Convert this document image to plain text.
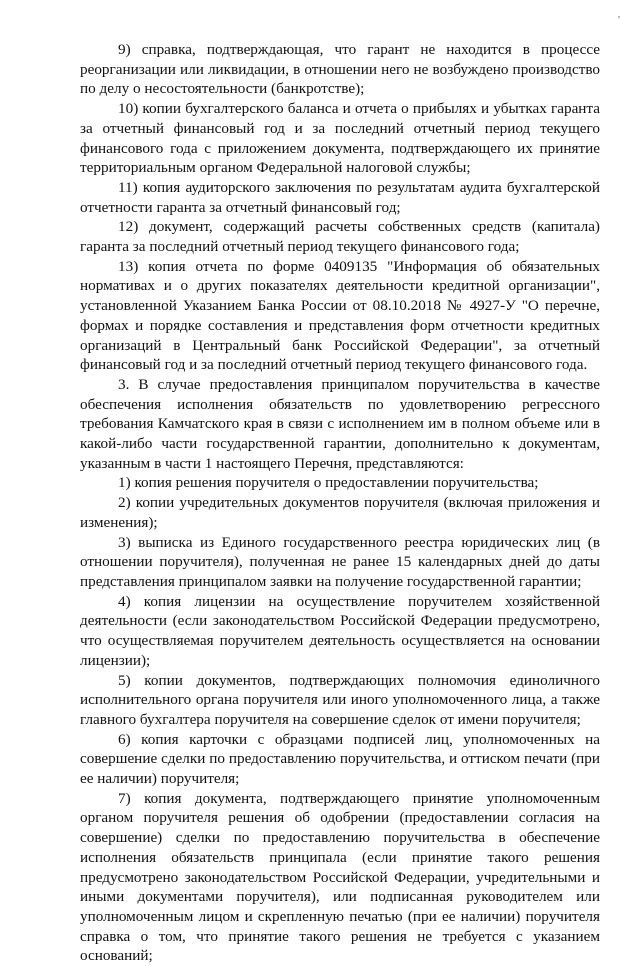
'

9) справка, подтверждающая, что гарант не находится в процессе реорганизации или ликвидации, в отношении него не возбуждено производство по делу о несостоятельности (банкротстве);

10) копии бухгалтерского баланса и отчета о прибылях и убытках гаранта за отчетный финансовый год и за последний отчетный период текущего финансового года с приложением документа, подтверждающего их принятие территориальным органом Федеральной налоговой службы;

11) копия аудиторского заключения по результатам аудита бухгалтерской отчетности гаранта за отчетный финансовый год;

12) документ, содержащий расчеты собственных средств (капитала) гаранта за последний отчетный период текущего финансового года;

13) копия отчета по форме 0409135 "Информация об обязательных нормативах и о других показателях деятельности кредитной организации", установленной Указанием Банка России от 08.10.2018 № 4927-У "О перечне, формах и порядке составления и представления форм отчетности кредитных организаций в Центральный банк Российской Федерации", за отчетный финансовый год и за последний отчетный период текущего финансового года.

3. В случае предоставления принципалом поручительства в качестве обеспечения исполнения обязательств по удовлетворению регрессного требования Камчатского края в связи с исполнением им в полном объеме или в какой-либо части государственной гарантии, дополнительно к документам, указанным в части 1 настоящего Перечня, представляются:

1) копия решения поручителя о предоставлении поручительства;

2) копии учредительных документов поручителя (включая приложения и изменения);

3) выписка из Единого государственного реестра юридических лиц (в отношении поручителя), полученная не ранее 15 календарных дней до даты представления принципалом заявки на получение государственной гарантии;

4) копия лицензии на осуществление поручителем хозяйственной деятельности (если законодательством Российской Федерации предусмотрено, что осуществляемая поручителем деятельность осуществляется на основании лицензии);

5) копии документов, подтверждающих полномочия единоличного исполнительного органа поручителя или иного уполномоченного лица, а также главного бухгалтера поручителя на совершение сделок от имени поручителя;

6) копия карточки с образцами подписей лиц, уполномоченных на совершение сделки по предоставлению поручительства, и оттиском печати (при ее наличии) поручителя;

7) копия документа, подтверждающего принятие уполномоченным органом поручителя решения об одобрении (предоставлении согласия на совершение) сделки по предоставлению поручительства в обеспечение исполнения обязательств принципала (если принятие такого решения предусмотрено законодательством Российской Федерации, учредительными и иными документами поручителя), или подписанная руководителем или уполномоченным лицом и скрепленную печатью (при ее наличии) поручителя справка о том, что принятие такого решения не требуется с указанием оснований;
